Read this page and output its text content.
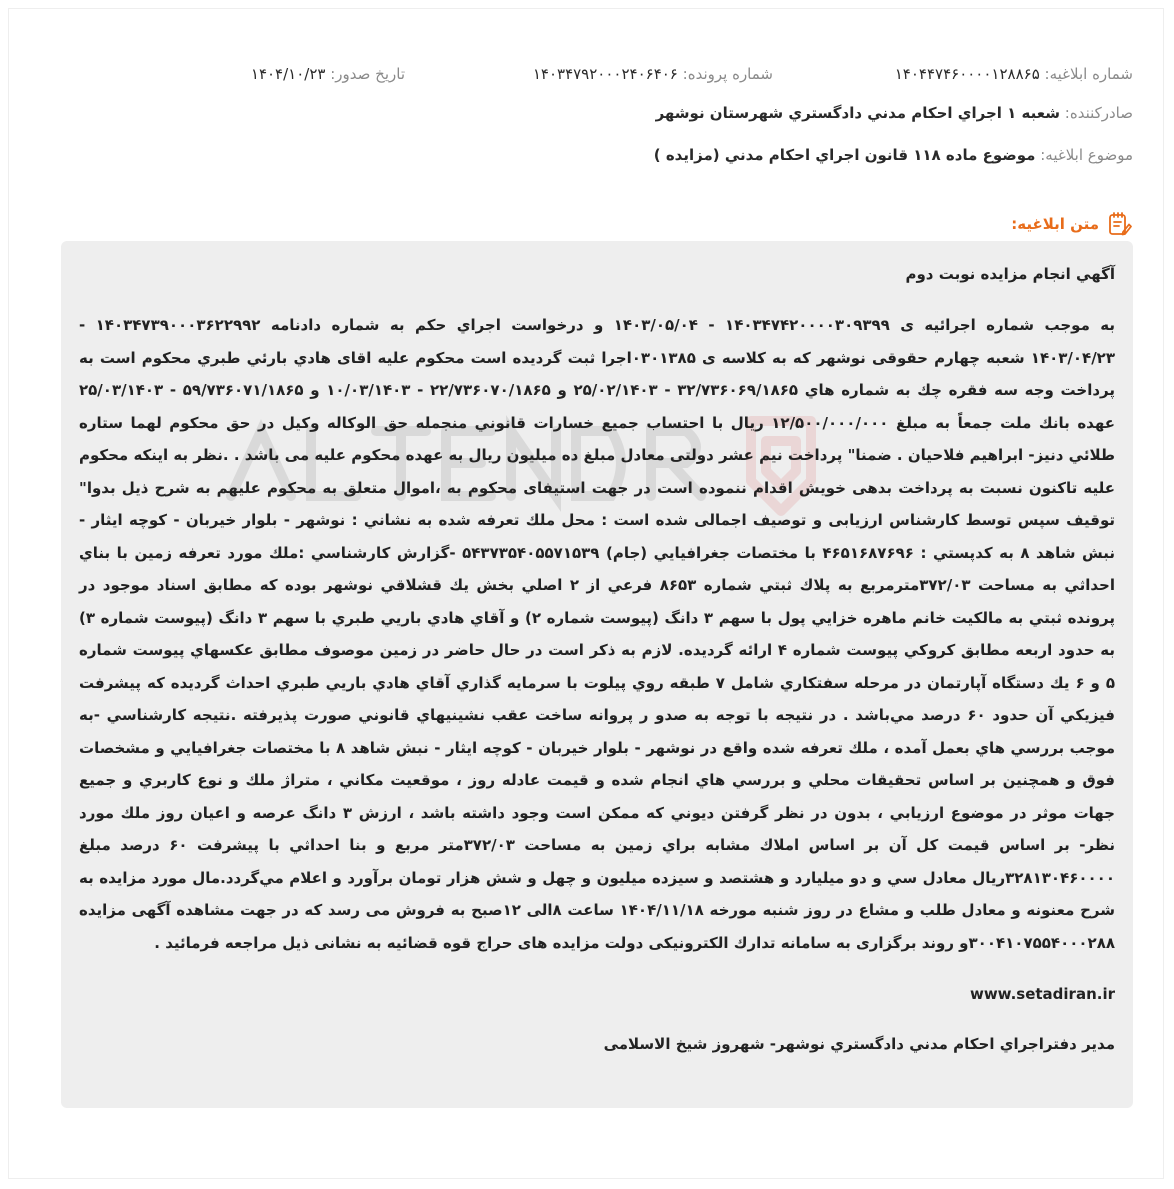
شماره ابلاغيه: ۱۴۰۴۴۷۴۶۰۰۰۰۱۲۸۸۶۵
شماره پرونده: ۱۴۰۳۴۷۹۲۰۰۰۲۴۰۶۴۰۶
تاريخ صدور: ۱۴۰۴/۱۰/۲۳
صادرکننده: شعبه ۱ اجراي احكام مدني دادگستري شهرستان نوشهر
موضوع ابلاغيه: موضوع ماده ۱۱۸ قانون اجراي احكام مدني (مزايده )
متن ابلاغيه:

آگهي انجام مزايده نوبت دوم

به موجب شماره اجرائيه ی ۱۴۰۳۴۷۴۲۰۰۰۰۳۰۹۳۹۹ - ۱۴۰۳/۰۵/۰۴ و درخواست اجراي حكم به شماره دادنامه ۱۴۰۳۴۷۳۹۰۰۰۳۶۲۲۹۹۲ - ۱۴۰۳/۰۴/۲۳ شعبه چهارم حقوقی نوشهر كه به كلاسه ی ۰۳۰۱۳۸۵اجرا ثبت گردیده است محكوم عليه اقای هادي بارئي طبري محكوم است به پرداخت وجه سه فقره چك به شماره هاي ۳۲/۷۳۶۰۶۹/۱۸۶۵ - ۲۵/۰۲/۱۴۰۳ و ۲۲/۷۳۶۰۷۰/۱۸۶۵ - ۱۰/۰۳/۱۴۰۳ و ۵۹/۷۳۶۰۷۱/۱۸۶۵ - ۲۵/۰۳/۱۴۰۳ عهده بانك ملت جمعاً به مبلغ ۱۲/۵۰۰/۰۰۰/۰۰۰ ريال با احتساب جميع خسارات قانوني منجمله حق الوكاله وكيل در حق محكوم لهما ستاره طلائي دنيز- ابراهيم فلاحيان . ضمنا" پرداخت نيم عشر دولتی معادل مبلغ ده ميليون ريال به عهده محكوم عليه می باشد . .نظر به اينكه محكوم عليه تاكنون نسبت به پرداخت بدهی خويش اقدام ننموده است در جهت استيفای محكوم به ،اموال متعلق به محكوم عليهم به شرح ذيل بدوا" توقيف سپس توسط كارشناس ارزيابی و توصيف اجمالی شده است : محل ملك تعرفه شده به نشاني : نوشهر - بلوار خيربان - كوچه ايثار - نبش شاهد ۸ به كدپستي : ۴۶۵۱۶۸۷۶۹۶ با مختصات جغرافيايي (جام) ۵۴۳۷۳۵۴۰۵۵۷۱۵۳۹ -گزارش كارشناسي :ملك مورد تعرفه زمين با بناي احداثي به مساحت ۳۷۲/۰۳مترمربع به پلاك ثبتي شماره ۸۶۵۳ فرعي از ۲ اصلي بخش يك قشلاقي نوشهر بوده كه مطابق اسناد موجود در پرونده ثبتي به مالكيت خانم ماهره خزايي پول با سهم ۳ دانگ (پيوست شماره ۲) و آقاي هادي باريي طبري با سهم ۳ دانگ (پيوست شماره ۳) به حدود اربعه مطابق كروكي پيوست شماره ۴ ارائه گرديده. لازم به ذكر است در حال حاضر در زمين موصوف مطابق عكسهاي پيوست شماره ۵ و ۶ يك دستگاه آپارتمان در مرحله سفتكاري شامل ۷ طبقه روي پيلوت با سرمايه گذاري آقاي هادي باريي طبري احداث گرديده كه پيشرفت فيزيكي آن حدود ۶۰ درصد مي‌باشد . در نتيجه با توجه به صدو ر پروانه ساخت عقب نشينيهاي قانوني صورت پذيرفته .نتيجه كارشناسي -به موجب بررسي هاي بعمل آمده ، ملك تعرفه شده واقع در نوشهر - بلوار خيربان - كوچه ايثار - نبش شاهد ۸ با مختصات جغرافيايي و مشخصات فوق و همچنين بر اساس تحقيقات محلي و بررسي هاي انجام شده و قيمت عادله روز ، موقعيت مكاني ، متراژ ملك و نوع كاربري و جميع جهات موثر در موضوع ارزيابي ، بدون در نظر گرفتن ديوني كه ممكن است وجود داشته باشد ، ارزش ۳ دانگ عرصه و اعيان روز ملك مورد نظر- بر اساس قيمت كل آن بر اساس املاك مشابه براي زمين به مساحت ۳۷۲/۰۳متر مربع و بنا احداثي با پيشرفت ۶۰ درصد مبلغ ۳۲۸۱۳۰۴۶۰۰۰۰ريال معادل سي و دو ميليارد و هشتصد و سيزده ميليون و چهل و شش هزار تومان برآورد و اعلام مي‌گردد.مال مورد مزايده به شرح معنونه و معادل طلب و مشاع در روز شنبه مورخه ۱۴۰۴/۱۱/۱۸ ساعت ۸الی ۱۲صبح به فروش می رسد كه در جهت مشاهده آگهی مزايده ۳۰۰۴۱۰۷۵۵۴۰۰۰۲۸۸و روند برگزاری به سامانه تدارك الكترونيكی دولت مزايده های حراج قوه قضائيه به نشانی ذيل مراجعه فرمائيد .

www.setadiran.ir

مدير دفتراجراي احكام مدني دادگستري نوشهر- شهروز شيخ الاسلامی
